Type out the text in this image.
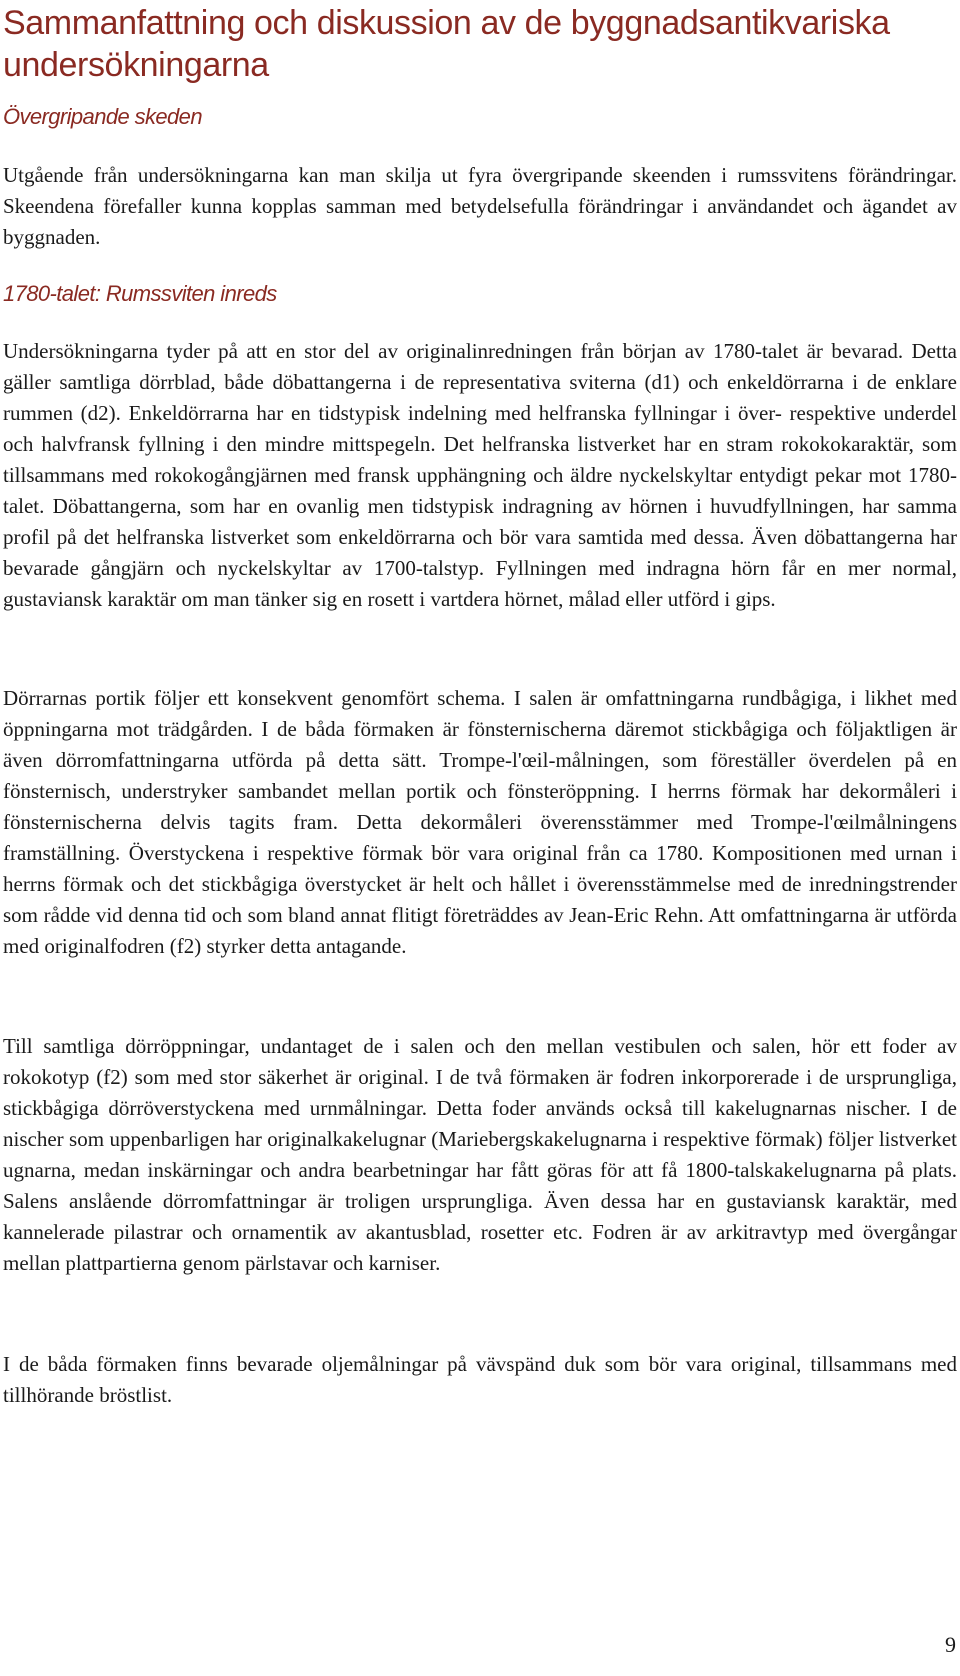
Sammanfattning och diskussion av de byggnadsantikvariska undersökningarna
Övergripande skeden

Utgående från undersökningarna kan man skilja ut fyra övergripande skeenden i rumssvitens förändringar. Skeendena förefaller kunna kopplas samman med betydelsefulla förändringar i användandet och ägandet av byggnaden.

1780-talet: Rumssviten inreds

Undersökningarna tyder på att en stor del av originalinredningen från början av 1780-talet är bevarad. Detta gäller samtliga dörrblad, både döbattangerna i de representativa sviterna (d1) och enkeldörrarna i de enklare rummen (d2). Enkeldörrarna har en tidstypisk indelning med helfranska fyllningar i över- respektive underdel och halvfransk fyllning i den mindre mittspegeln. Det helfranska listverket har en stram rokokokaraktär, som tillsammans med rokokogångjärnen med fransk upphängning och äldre nyckelskyltar entydigt pekar mot 1780-talet. Döbattangerna, som har en ovanlig men tidstypisk indragning av hörnen i huvudfyllningen, har samma profil på det helfranska listverket som enkeldörrarna och bör vara samtida med dessa. Även döbattangerna har bevarade gångjärn och nyckelskyltar av 1700-talstyp. Fyllningen med indragna hörn får en mer normal, gustaviansk karaktär om man tänker sig en rosett i vartdera hörnet, målad eller utförd i gips.

Dörrarnas portik följer ett konsekvent genomfört schema. I salen är omfattningarna rundbågiga, i likhet med öppningarna mot trädgården. I de båda förmaken är fönsternischerna däremot stickbågiga och följaktligen är även dörromfattningarna utförda på detta sätt. Trompe-l'œil-målningen, som föreställer överdelen på en fönsternisch, understryker sambandet mellan portik och fönsteröppning. I herrns förmak har dekormåleri i fönsternischerna delvis tagits fram. Detta dekormåleri överensstämmer med Trompe-l'œilmålningens framställning. Överstyckena i respektive förmak bör vara original från ca 1780. Kompositionen med urnan i herrns förmak och det stickbågiga överstycket är helt och hållet i överensstämmelse med de inredningstrender som rådde vid denna tid och som bland annat flitigt företräddes av Jean-Eric Rehn. Att omfattningarna är utförda med originalfodren (f2) styrker detta antagande.

Till samtliga dörröppningar, undantaget de i salen och den mellan vestibulen och salen, hör ett foder av rokokotyp (f2) som med stor säkerhet är original. I de två förmaken är fodren inkorporerade i de ursprungliga, stickbågiga dörröverstyckena med urnmålningar. Detta foder används också till kakelugnarnas nischer. I de nischer som uppenbarligen har originalkakelugnar (Mariebergskakelugnarna i respektive förmak) följer listverket ugnarna, medan inskärningar och andra bearbetningar har fått göras för att få 1800-talskakelugnarna på plats. Salens anslående dörromfattningar är troligen ursprungliga. Även dessa har en gustaviansk karaktär, med kannelerade pilastrar och ornamentik av akantusblad, rosetter etc. Fodren är av arkitravtyp med övergångar mellan plattpartierna genom pärlstavar och karniser.

I de båda förmaken finns bevarade oljemålningar på vävspänd duk som bör vara original, tillsammans med tillhörande bröstlist.

9
